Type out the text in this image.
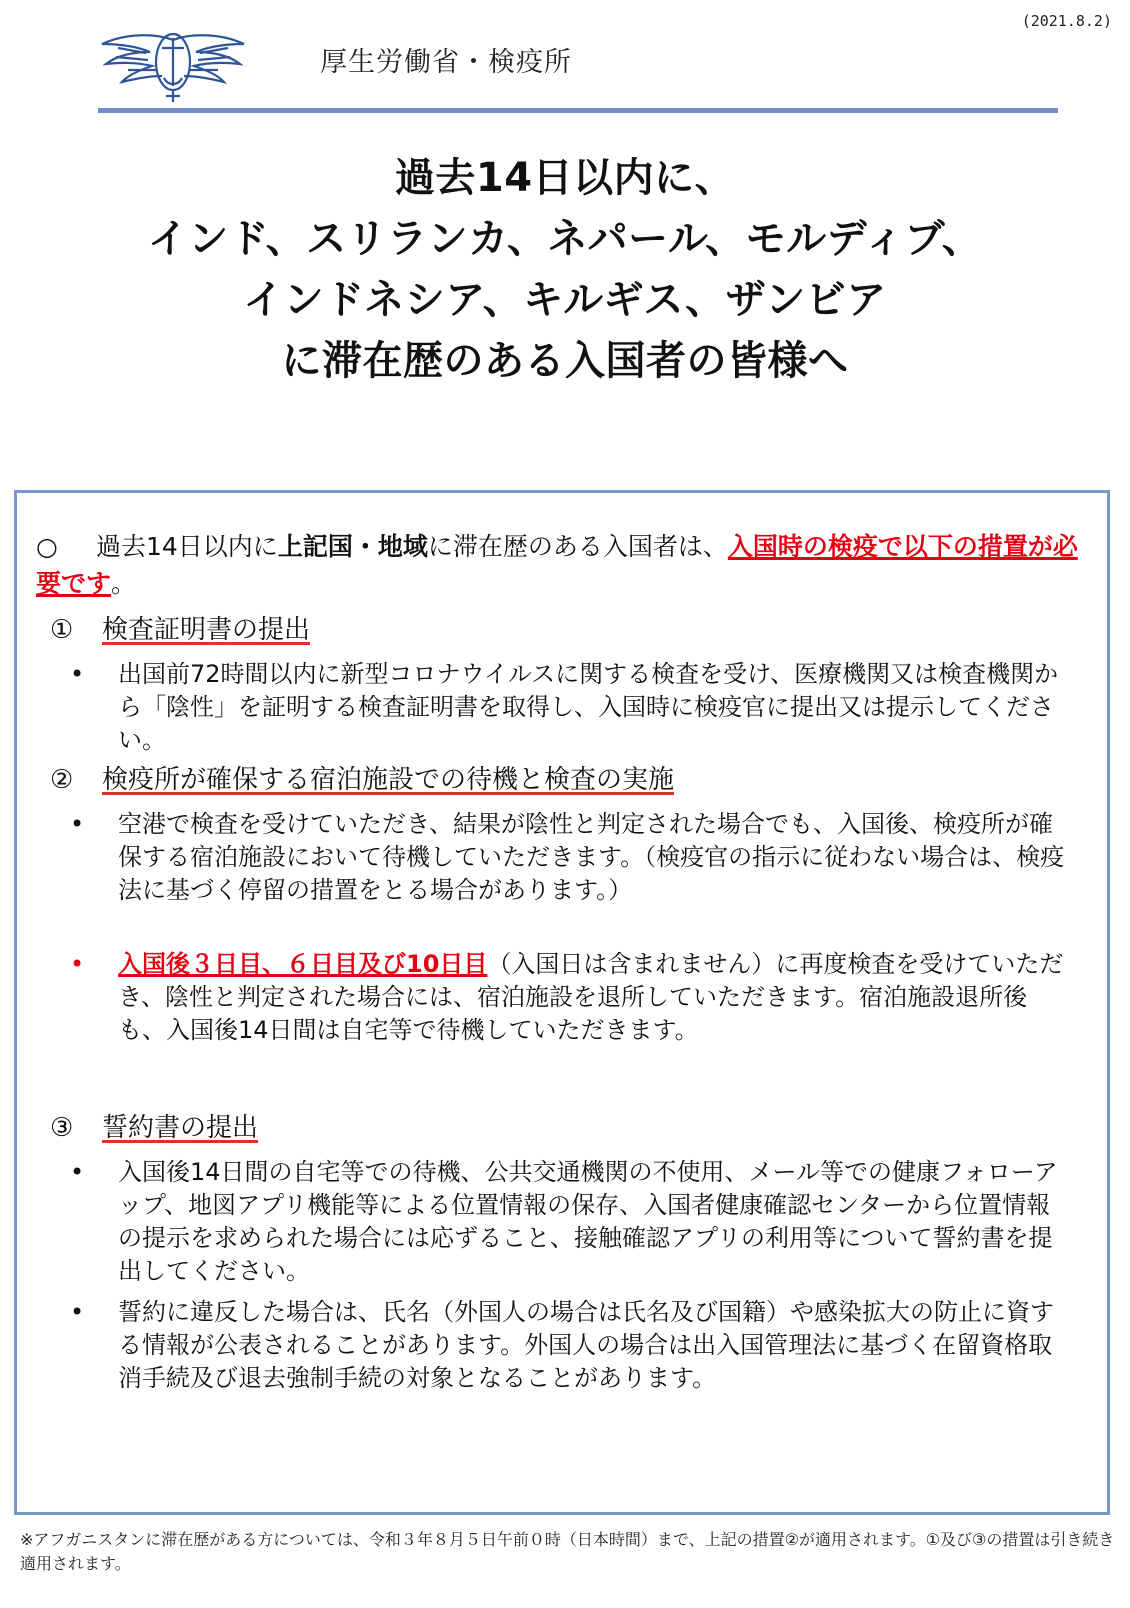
(2021.8.2)
厚生労働省・検疫所
過去14日以内に、
インド、スリランカ、ネパール、モルディブ、
インドネシア、キルギス、ザンビア
に滞在歴のある入国者の皆様へ
○ 過去14日以内に上記国・地域に滞在歴のある入国者は、入国時の検疫で以下の措置が必要です。
① 検査証明書の提出
• 出国前72時間以内に新型コロナウイルスに関する検査を受け、医療機関又は検査機関から「陰性」を証明する検査証明書を取得し、入国時に検疫官に提出又は提示してください。
② 検疫所が確保する宿泊施設での待機と検査の実施
• 空港で検査を受けていただき、結果が陰性と判定された場合でも、入国後、検疫所が確保する宿泊施設において待機していただきます。（検疫官の指示に従わない場合は、検疫法に基づく停留の措置をとる場合があります。）
• 入国後３日目、６日目及び10日目（入国日は含まれません）に再度検査を受けていただき、陰性と判定された場合には、宿泊施設を退所していただきます。宿泊施設退所後も、入国後14日間は自宅等で待機していただきます。
③ 誓約書の提出
• 入国後14日間の自宅等での待機、公共交通機関の不使用、メール等での健康フォローアップ、地図アプリ機能等による位置情報の保存、入国者健康確認センターから位置情報の提示を求められた場合には応ずること、接触確認アプリの利用等について誓約書を提出してください。
• 誓約に違反した場合は、氏名（外国人の場合は氏名及び国籍）や感染拡大の防止に資する情報が公表されることがあります。外国人の場合は出入国管理法に基づく在留資格取消手続及び退去強制手続の対象となることがあります。
※アフガニスタンに滞在歴がある方については、令和３年８月５日午前０時（日本時間）まで、上記の措置②が適用されます。①及び③の措置は引き続き適用されます。
